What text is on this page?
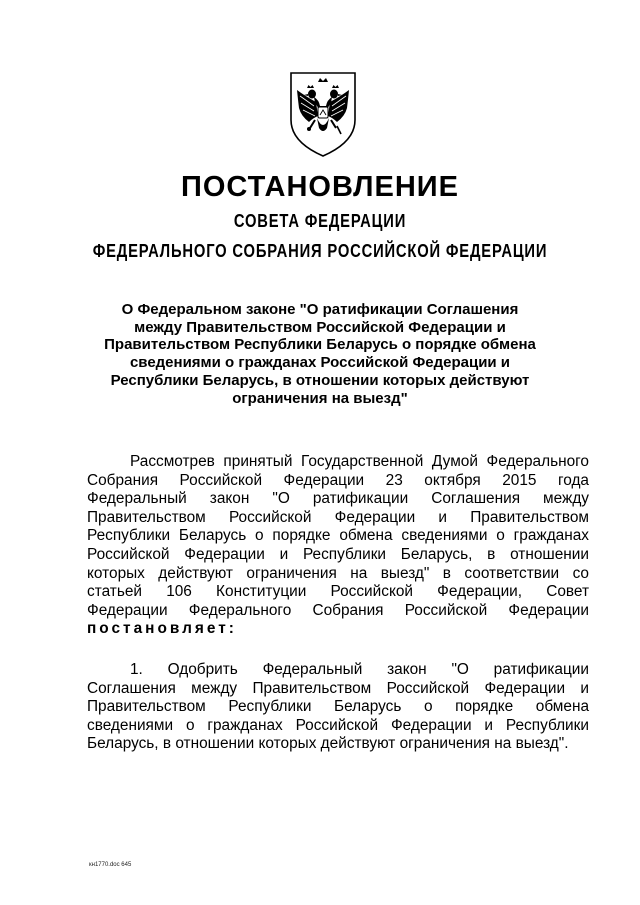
ПОСТАНОВЛЕНИЕ
СОВЕТА ФЕДЕРАЦИИ
ФЕДЕРАЛЬНОГО СОБРАНИЯ РОССИЙСКОЙ ФЕДЕРАЦИИ
О Федеральном законе "О ратификации Соглашения
между Правительством Российской Федерации и
Правительством Республики Беларусь о порядке обмена
сведениями о гражданах Российской Федерации и
Республики Беларусь, в отношении которых действуют
ограничения на выезд"
Рассмотрев принятый Государственной Думой Федерального
Собрания Российской Федерации 23 октября 2015 года
Федеральный закон "О ратификации Соглашения между
Правительством Российской Федерации и Правительством
Республики Беларусь о порядке обмена сведениями о гражданах
Российской Федерации и Республики Беларусь, в отношении
которых действуют ограничения на выезд" в соответствии со
статьей 106 Конституции Российской Федерации, Совет
Федерации Федерального Собрания Российской Федерации
постановляет:
1. Одобрить Федеральный закон "О ратификации
Соглашения между Правительством Российской Федерации и
Правительством Республики Беларусь о порядке обмена
сведениями о гражданах Российской Федерации и Республики
Беларусь, в отношении которых действуют ограничения на выезд".
кн1770.doc 645
